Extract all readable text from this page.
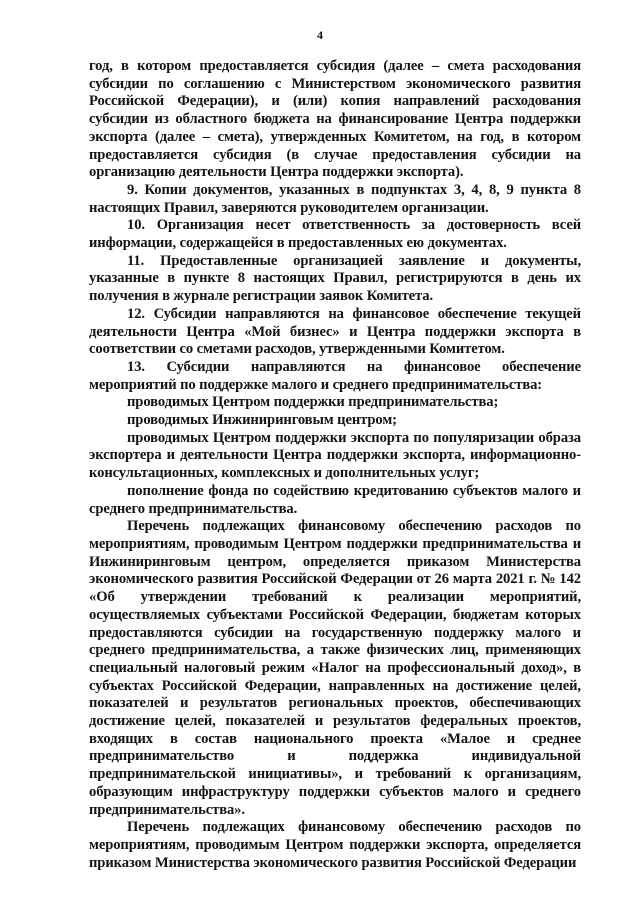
4

год, в котором предоставляется субсидия (далее – смета расходования субсидии по соглашению с Министерством экономического развития Российской Федерации), и (или) копия направлений расходования субсидии из областного бюджета на финансирование Центра поддержки экспорта (далее – смета), утвержденных Комитетом, на год, в котором предоставляется субсидия (в случае предоставления субсидии на организацию деятельности Центра поддержки экспорта).

9. Копии документов, указанных в подпунктах 3, 4, 8, 9 пункта 8 настоящих Правил, заверяются руководителем организации.

10. Организация несет ответственность за достоверность всей информации, содержащейся в предоставленных ею документах.

11. Предоставленные организацией заявление и документы, указанные в пункте 8 настоящих Правил, регистрируются в день их получения в журнале регистрации заявок Комитета.

12. Субсидии направляются на финансовое обеспечение текущей деятельности Центра «Мой бизнес» и Центра поддержки экспорта в соответствии со сметами расходов, утвержденными Комитетом.

13. Субсидии направляются на финансовое обеспечение мероприятий по поддержке малого и среднего предпринимательства:

проводимых Центром поддержки предпринимательства;

проводимых Инжиниринговым центром;

проводимых Центром поддержки экспорта по популяризации образа экспортера и деятельности Центра поддержки экспорта, информационно-консультационных, комплексных и дополнительных услуг;

пополнение фонда по содействию кредитованию субъектов малого и среднего предпринимательства.

Перечень подлежащих финансовому обеспечению расходов по мероприятиям, проводимым Центром поддержки предпринимательства и Инжиниринговым центром, определяется приказом Министерства экономического развития Российской Федерации от 26 марта 2021 г. № 142 «Об утверждении требований к реализации мероприятий, осуществляемых субъектами Российской Федерации, бюджетам которых предоставляются субсидии на государственную поддержку малого и среднего предпринимательства, а также физических лиц, применяющих специальный налоговый режим «Налог на профессиональный доход», в субъектах Российской Федерации, направленных на достижение целей, показателей и результатов региональных проектов, обеспечивающих достижение целей, показателей и результатов федеральных проектов, входящих в состав национального проекта «Малое и среднее предпринимательство и поддержка индивидуальной предпринимательской инициативы», и требований к организациям, образующим инфраструктуру поддержки субъектов малого и среднего предпринимательства».

Перечень подлежащих финансовому обеспечению расходов по мероприятиям, проводимым Центром поддержки экспорта, определяется приказом Министерства экономического развития Российской Федерации
